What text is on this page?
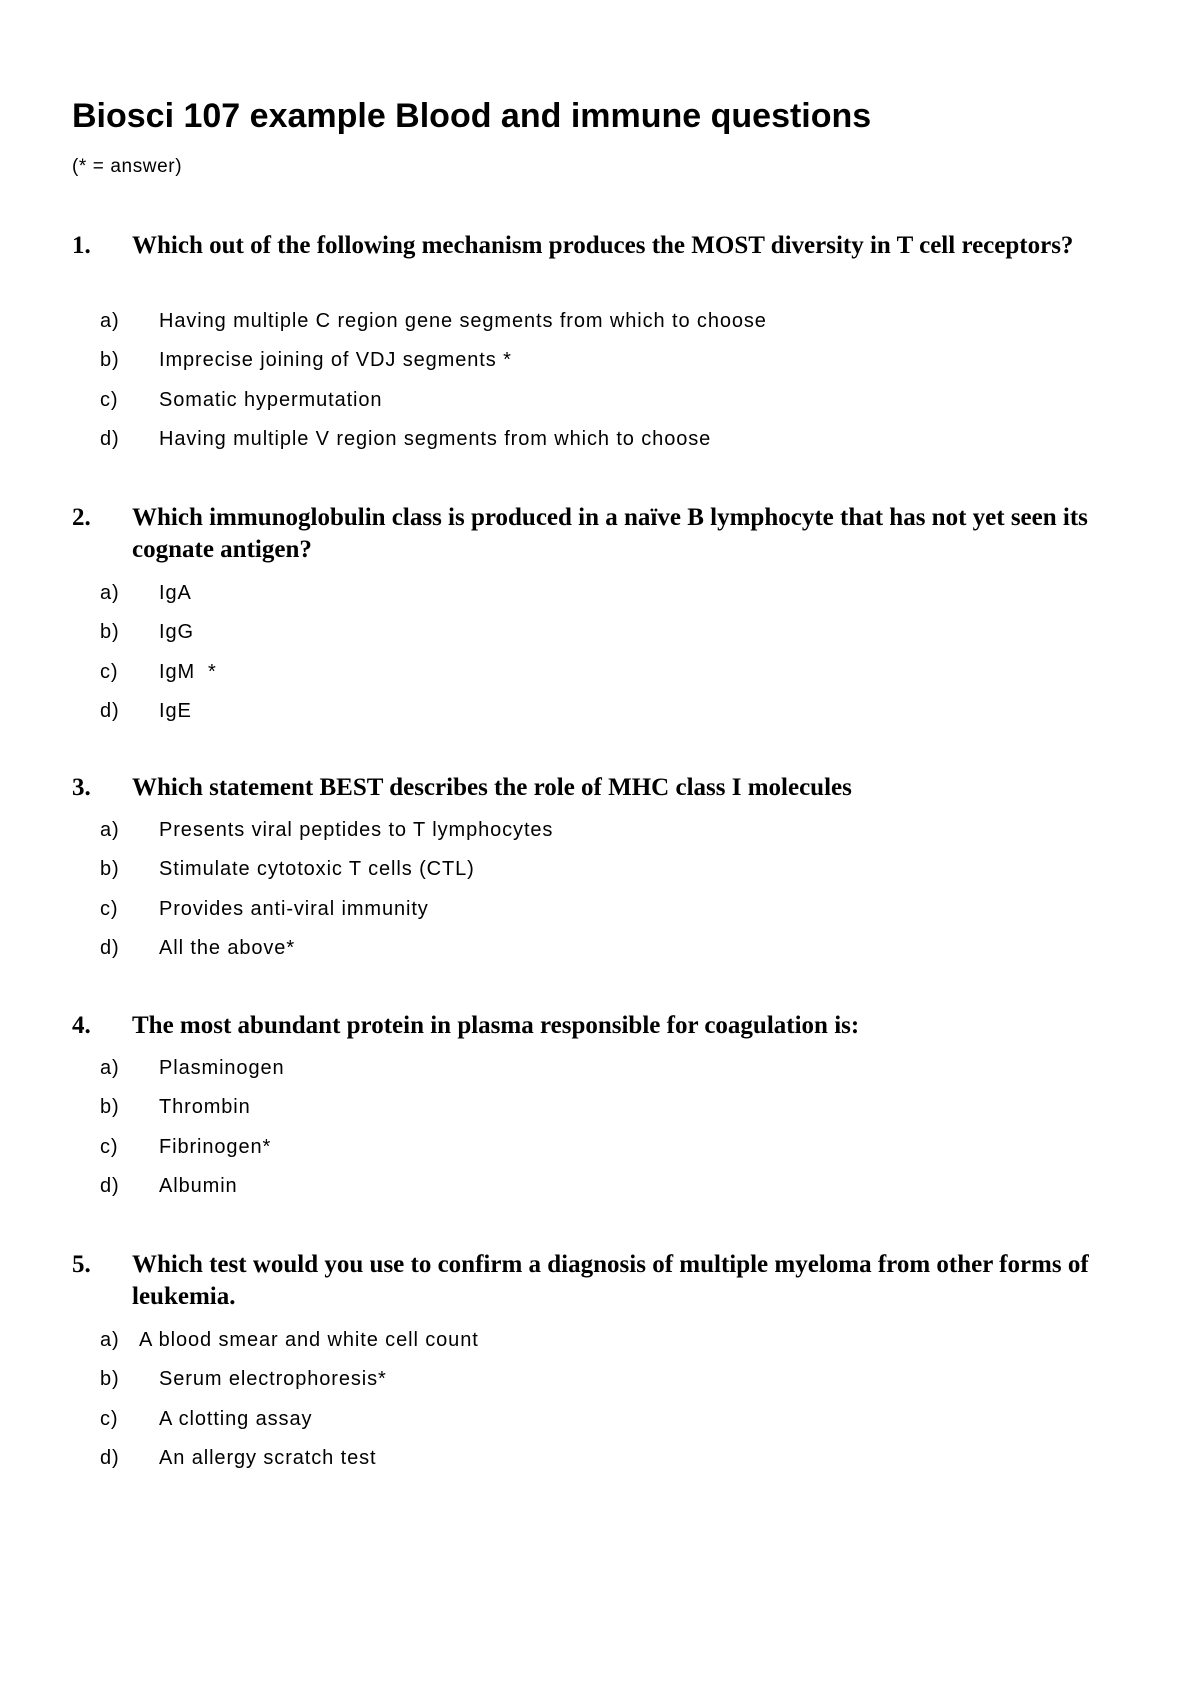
Biosci 107 example Blood and immune questions

(* = answer)

1. Which out of the following mechanism produces the MOST diversity in T cell receptors?

a) Having multiple C region gene segments from which to choose
b) Imprecise joining of VDJ segments *
c) Somatic hypermutation
d) Having multiple V region segments from which to choose
2. Which immunoglobulin class is produced in a naïve B lymphocyte that has not yet seen its cognate antigen?

a) IgA
b) IgG
c) IgM  *
d) IgE
3. Which statement BEST describes the role of MHC class I molecules

a) Presents viral peptides to T lymphocytes
b) Stimulate cytotoxic T cells (CTL)
c) Provides anti-viral immunity
d) All the above*
4. The most abundant protein in plasma responsible for coagulation is:

a) Plasminogen
b) Thrombin
c) Fibrinogen*
d) Albumin
5. Which test would you use to confirm a diagnosis of multiple myeloma from other forms of leukemia.

a) A blood smear and white cell count
b) Serum electrophoresis*
c) A clotting assay
d) An allergy scratch test
